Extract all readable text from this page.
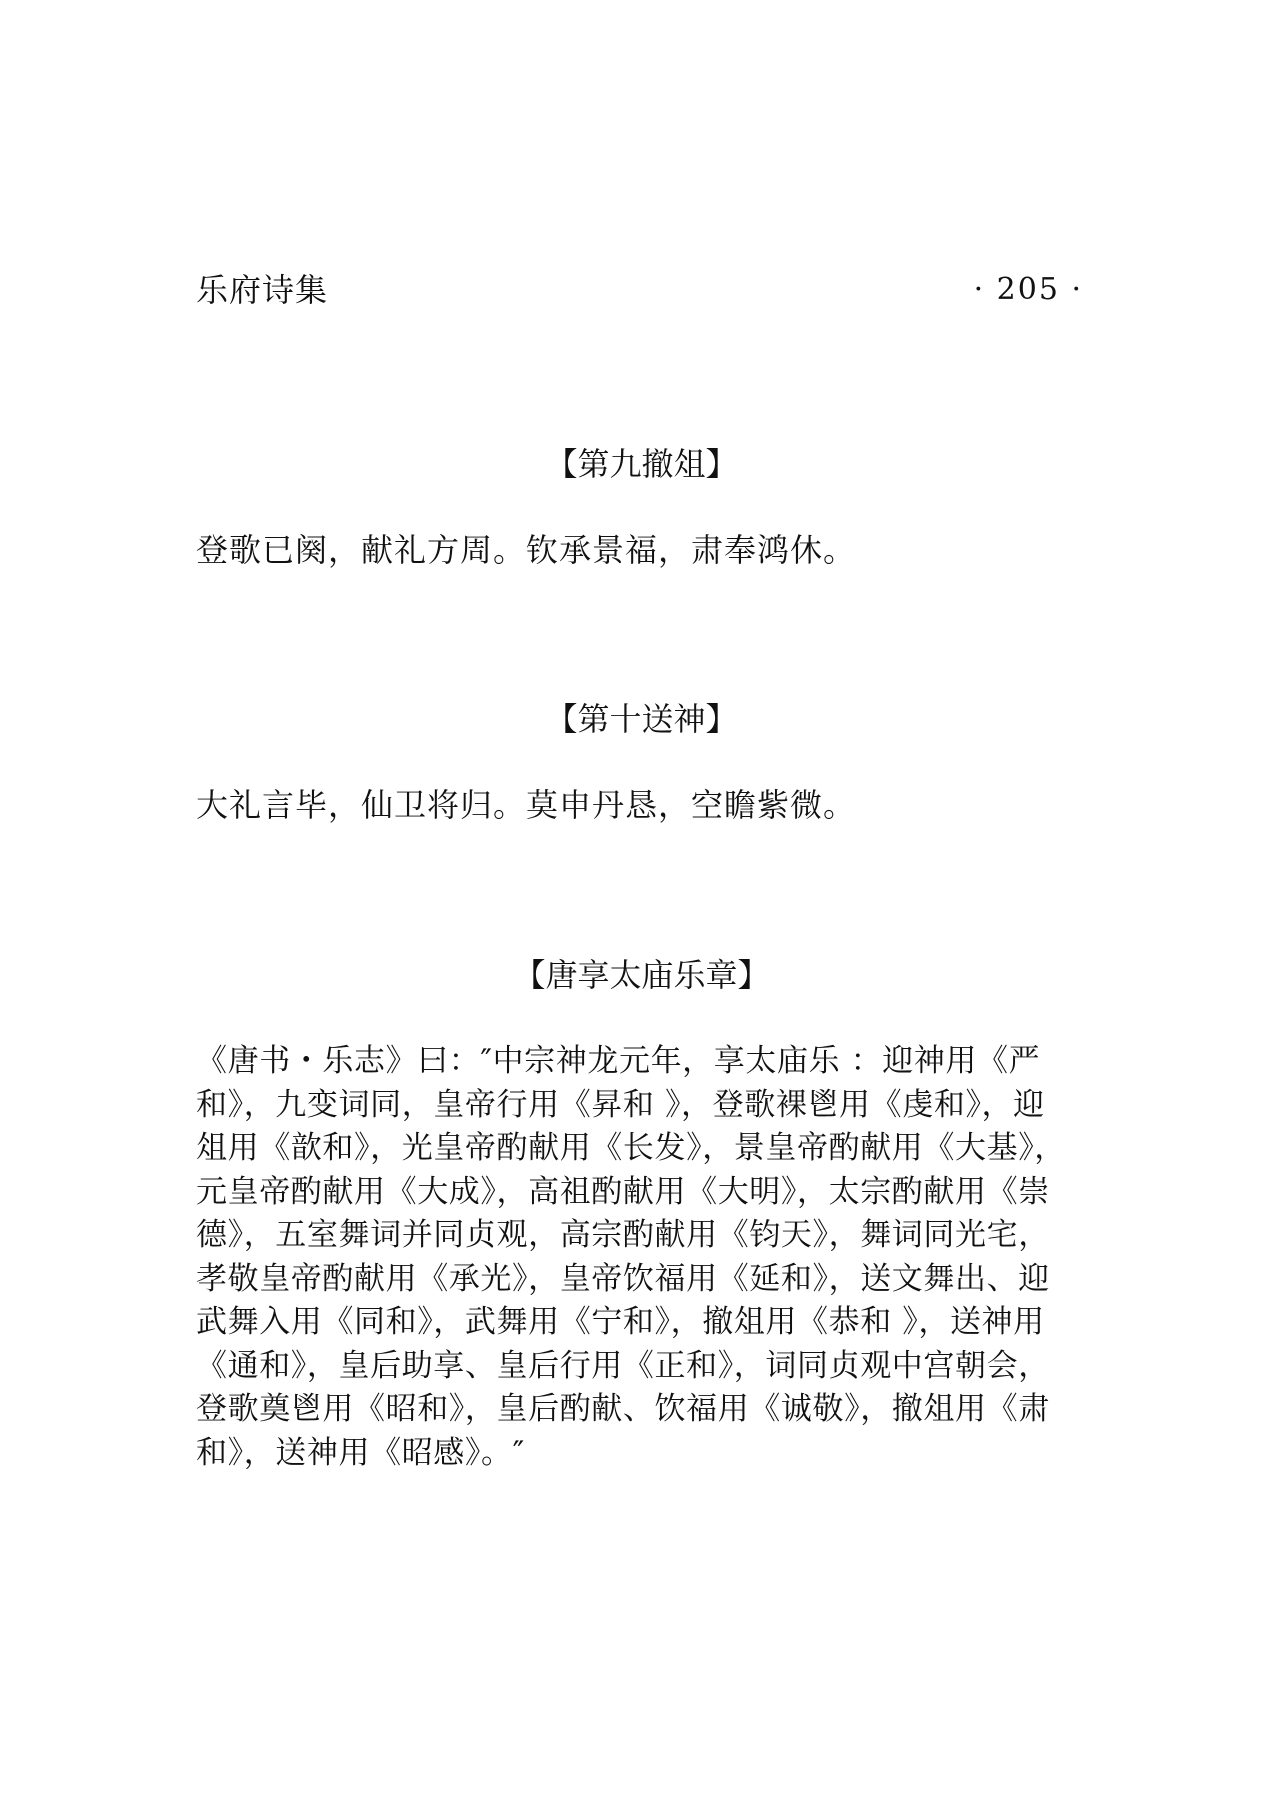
乐府诗集	· 205 ·
【第九撤俎】
登歌已阕，献礼方周。钦承景福，肃奉鸿休。
【第十送神】
大礼言毕，仙卫将归。莫申丹恳，空瞻紫微。
【唐享太庙乐章】
《唐书・乐志》曰：″中宗神龙元年，享太庙乐 ：迎神用《严
和》，九变词同，皇帝行用《昇和 》，登歌裸鬯用《虔和》，迎
俎用《歆和》，光皇帝酌献用《长发》，景皇帝酌献用《大基》，
元皇帝酌献用《大成》，高祖酌献用《大明》，太宗酌献用《崇
德》，五室舞词并同贞观，高宗酌献用《钧天》，舞词同光宅，
孝敬皇帝酌献用《承光》，皇帝饮福用《延和》，送文舞出、迎
武舞入用《同和》，武舞用《宁和》，撤俎用《恭和 》，送神用
《通和》，皇后助享、皇后行用《正和》，词同贞观中宫朝会，
登歌奠鬯用《昭和》，皇后酌献、饮福用《诚敬》，撤俎用《肃
和》，送神用《昭感》。″
